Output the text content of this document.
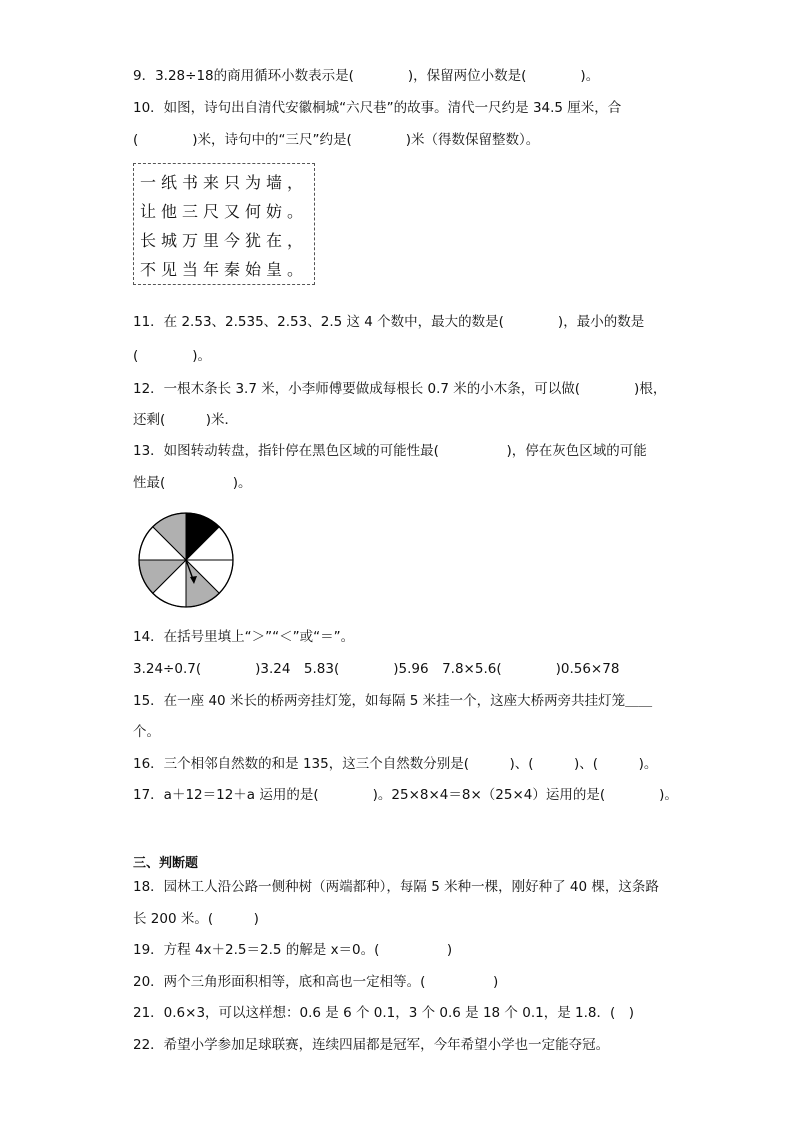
9．3.28÷18的商用循环小数表示是(　　　　)，保留两位小数是(　　　　)。
10．如图，诗句出自清代安徽桐城“六尺巷”的故事。清代一尺约是 34.5 厘米，合
(　　　　)米，诗句中的“三尺”约是(　　　　)米（得数保留整数）。
一纸书来只为墙，
让他三尺又何妨。
长城万里今犹在，
不见当年秦始皇。
11．在 2.53̇、2.53̇5̇、2.53、2.5 这 4 个数中，最大的数是(　　　　)，最小的数是
(　　　　)。
12．一根木条长 3.7 米，小李师傅要做成每根长 0.7 米的小木条，可以做(　　　　)根，
还剩(　　　)米．
13．如图转动转盘，指针停在黑色区域的可能性最(　　　　　)，停在灰色区域的可能
性最(　　　　　)。
14．在括号里填上“＞”“＜”或“＝”。
3.24÷0.7(　　　　)3.24　5.83(　　　　)5.96　7.8×5.6(　　　　)0.56×78
15．在一座 40 米长的桥两旁挂灯笼，如每隔 5 米挂一个，这座大桥两旁共挂灯笼＿＿
个。
16．三个相邻自然数的和是 135，这三个自然数分别是(　　　)、(　　　)、(　　　)。
17．a＋12＝12＋a 运用的是(　　　　)。25×8×4＝8×（25×4）运用的是(　　　　)。
三、判断题
18．园林工人沿公路一侧种树（两端都种），每隔 5 米种一棵，刚好种了 40 棵，这条路
长 200 米。(　　　)
19．方程 4x＋2.5＝2.5 的解是 x＝0。(　　　　　)
20．两个三角形面积相等，底和高也一定相等。(　　　　　)
21．0.6×3，可以这样想：0.6 是 6 个 0.1，3 个 0.6 是 18 个 0.1，是 1.8．(　)
22．希望小学参加足球联赛，连续四届都是冠军，今年希望小学也一定能夺冠。
